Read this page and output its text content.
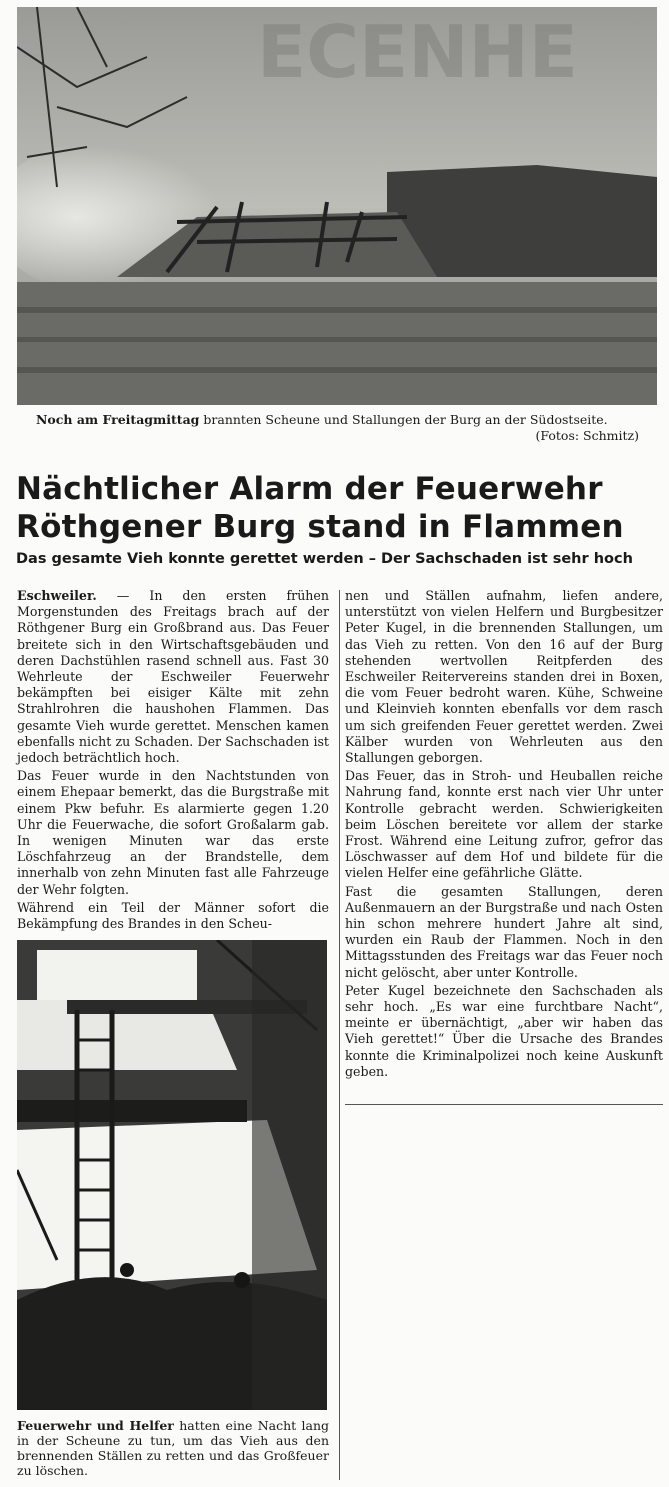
ECENHE
Noch am Freitagmittag brannten Scheune und Stallungen der Burg an der Südostseite.
(Fotos: Schmitz)
Nächtlicher Alarm der Feuerwehr
Röthgener Burg stand in Flammen
Das gesamte Vieh konnte gerettet werden – Der Sachschaden ist sehr hoch

Eschweiler. — In den ersten frühen Morgenstunden des Freitags brach auf der Röthgener Burg ein Großbrand aus. Das Feuer breitete sich in den Wirtschaftsgebäuden und deren Dachstühlen rasend schnell aus. Fast 30 Wehrleute der Eschweiler Feuerwehr bekämpften bei eisiger Kälte mit zehn Strahlrohren die haushohen Flammen. Das gesamte Vieh wurde gerettet. Menschen kamen ebenfalls nicht zu Schaden. Der Sachschaden ist jedoch beträchtlich hoch.

Das Feuer wurde in den Nachtstunden von einem Ehepaar bemerkt, das die Burgstraße mit einem Pkw befuhr. Es alarmierte gegen 1.20 Uhr die Feuerwache, die sofort Großalarm gab. In wenigen Minuten war das erste Löschfahrzeug an der Brandstelle, dem innerhalb von zehn Minuten fast alle Fahrzeuge der Wehr folgten.

Während ein Teil der Männer sofort die Bekämpfung des Brandes in den Scheu-

Feuerwehr und Helfer hatten eine Nacht lang in der Scheune zu tun, um das Vieh aus den brennenden Ställen zu retten und das Großfeuer zu löschen.

nen und Ställen aufnahm, liefen andere, unterstützt von vielen Helfern und Burgbesitzer Peter Kugel, in die brennenden Stallungen, um das Vieh zu retten. Von den 16 auf der Burg stehenden wertvollen Reitpferden des Eschweiler Reitervereins standen drei in Boxen, die vom Feuer bedroht waren. Kühe, Schweine und Kleinvieh konnten ebenfalls vor dem rasch um sich greifenden Feuer gerettet werden. Zwei Kälber wurden von Wehrleuten aus den Stallungen geborgen.

Das Feuer, das in Stroh- und Heuballen reiche Nahrung fand, konnte erst nach vier Uhr unter Kontrolle gebracht werden. Schwierigkeiten beim Löschen bereitete vor allem der starke Frost. Während eine Leitung zufror, gefror das Löschwasser auf dem Hof und bildete für die vielen Helfer eine gefährliche Glätte.

Fast die gesamten Stallungen, deren Außenmauern an der Burgstraße und nach Osten hin schon mehrere hundert Jahre alt sind, wurden ein Raub der Flammen. Noch in den Mittagsstunden des Freitags war das Feuer noch nicht gelöscht, aber unter Kontrolle.

Peter Kugel bezeichnete den Sachschaden als sehr hoch. „Es war eine furchtbare Nacht“, meinte er übernächtigt, „aber wir haben das Vieh gerettet!“ Über die Ursache des Brandes konnte die Kriminalpolizei noch keine Auskunft geben.
